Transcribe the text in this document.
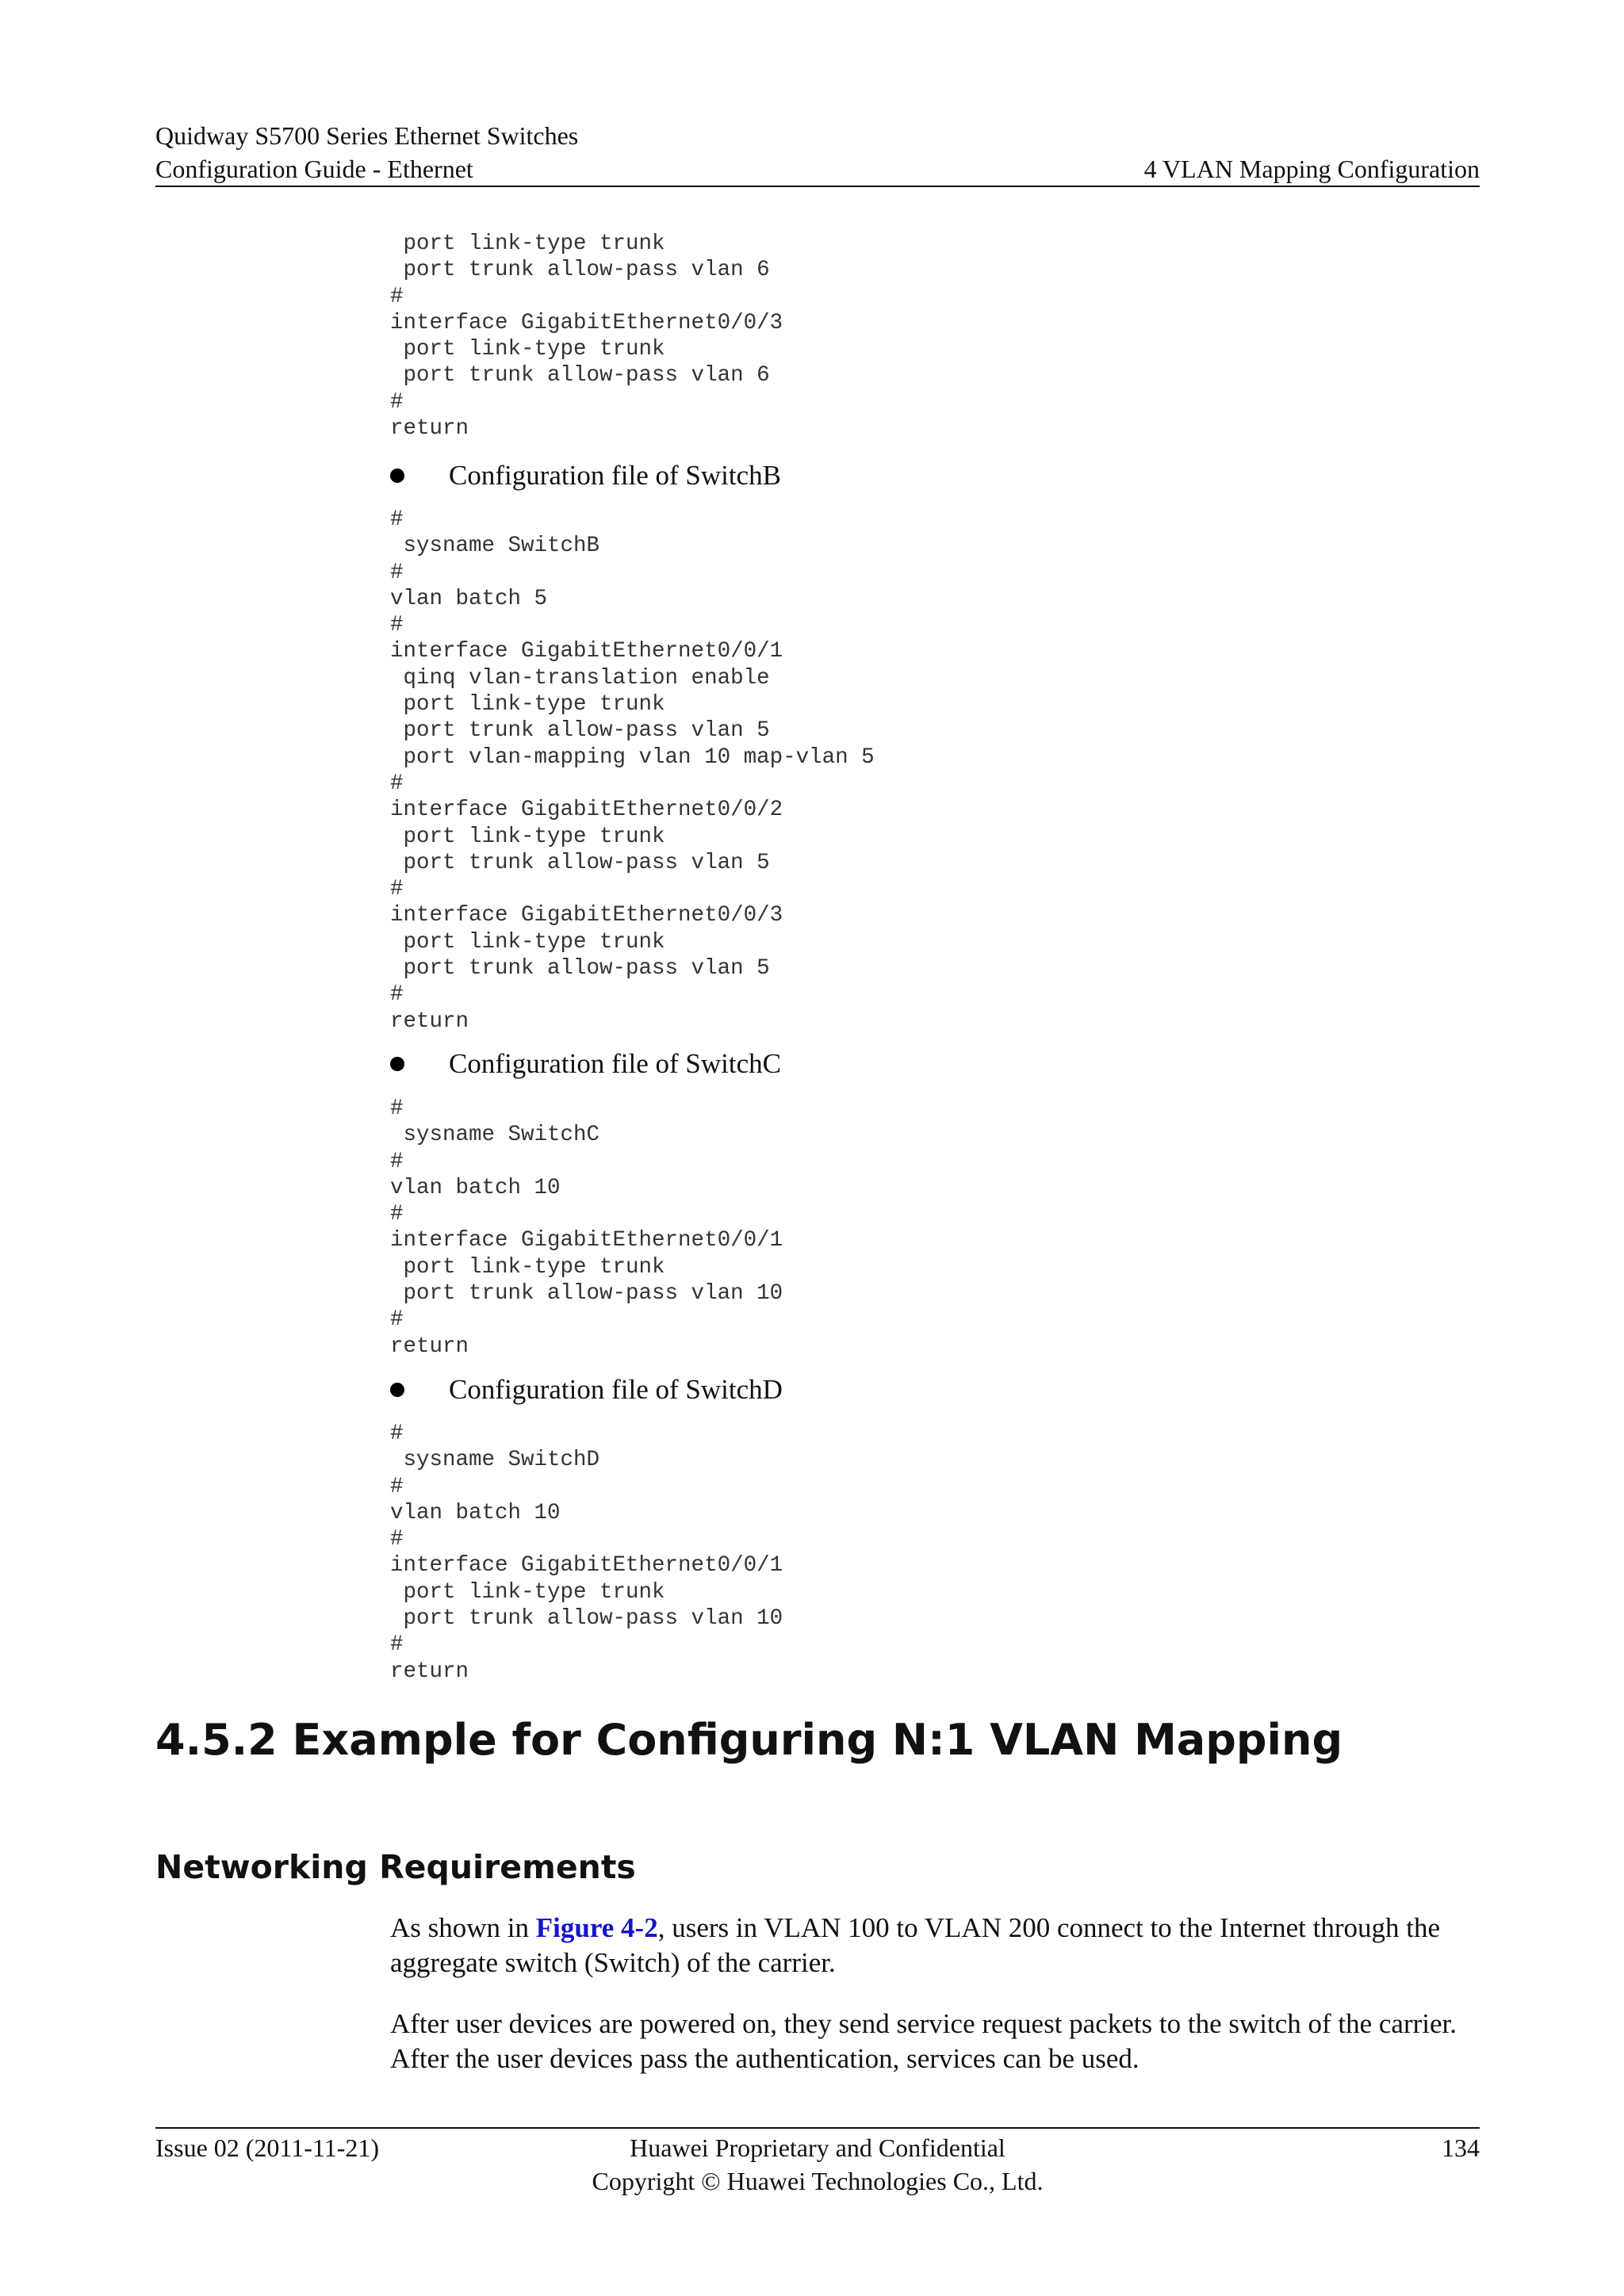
Quidway S5700 Series Ethernet Switches
Configuration Guide - Ethernet	4 VLAN Mapping Configuration
port link-type trunk
port trunk allow-pass vlan 6
#
interface GigabitEthernet0/0/3
port link-type trunk
port trunk allow-pass vlan 6
#
return
Configuration file of SwitchB
#
sysname SwitchB
#
vlan batch 5
#
interface GigabitEthernet0/0/1
qinq vlan-translation enable
port link-type trunk
port trunk allow-pass vlan 5
port vlan-mapping vlan 10 map-vlan 5
#
interface GigabitEthernet0/0/2
port link-type trunk
port trunk allow-pass vlan 5
#
interface GigabitEthernet0/0/3
port link-type trunk
port trunk allow-pass vlan 5
#
return
Configuration file of SwitchC
#
sysname SwitchC
#
vlan batch 10
#
interface GigabitEthernet0/0/1
port link-type trunk
port trunk allow-pass vlan 10
#
return
Configuration file of SwitchD
#
sysname SwitchD
#
vlan batch 10
#
interface GigabitEthernet0/0/1
port link-type trunk
port trunk allow-pass vlan 10
#
return
4.5.2 Example for Configuring N:1 VLAN Mapping
Networking Requirements

As shown in Figure 4-2, users in VLAN 100 to VLAN 200 connect to the Internet through the aggregate switch (Switch) of the carrier.

After user devices are powered on, they send service request packets to the switch of the carrier. After the user devices pass the authentication, services can be used.

Issue 02 (2011-11-21)	Huawei Proprietary and Confidential
Copyright © Huawei Technologies Co., Ltd.
134
